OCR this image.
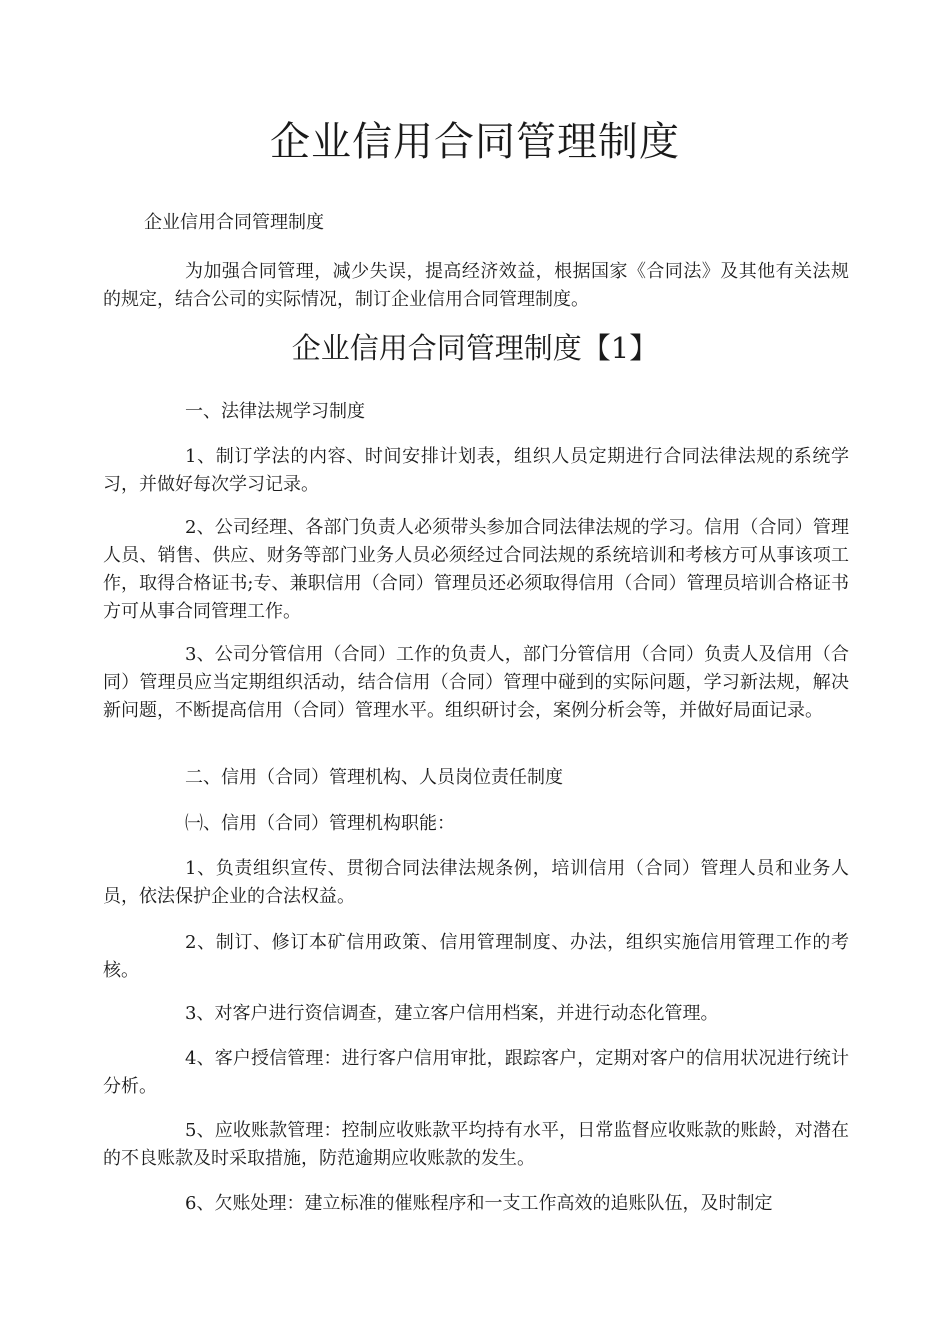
企业信用合同管理制度

企业信用合同管理制度

为加强合同管理，减少失误，提高经济效益，根据国家《合同法》及其他有关法规的规定，结合公司的实际情况，制订企业信用合同管理制度。

企业信用合同管理制度【1】

一、法律法规学习制度

1、制订学法的内容、时间安排计划表，组织人员定期进行合同法律法规的系统学习，并做好每次学习记录。

2、公司经理、各部门负责人必须带头参加合同法律法规的学习。信用（合同）管理人员、销售、供应、财务等部门业务人员必须经过合同法规的系统培训和考核方可从事该项工作，取得合格证书;专、兼职信用（合同）管理员还必须取得信用（合同）管理员培训合格证书方可从事合同管理工作。

3、公司分管信用（合同）工作的负责人，部门分管信用（合同）负责人及信用（合同）管理员应当定期组织活动，结合信用（合同）管理中碰到的实际问题，学习新法规，解决新问题，不断提高信用（合同）管理水平。组织研讨会，案例分析会等，并做好局面记录。

二、信用（合同）管理机构、人员岗位责任制度

㈠、信用（合同）管理机构职能：

1、负责组织宣传、贯彻合同法律法规条例，培训信用（合同）管理人员和业务人员，依法保护企业的合法权益。

2、制订、修订本矿信用政策、信用管理制度、办法，组织实施信用管理工作的考核。

3、对客户进行资信调查，建立客户信用档案，并进行动态化管理。

4、客户授信管理：进行客户信用审批，跟踪客户，定期对客户的信用状况进行统计分析。

5、应收账款管理：控制应收账款平均持有水平，日常监督应收账款的账龄，对潜在的不良账款及时采取措施，防范逾期应收账款的发生。

6、欠账处理：建立标准的催账程序和一支工作高效的追账队伍，及时制定
